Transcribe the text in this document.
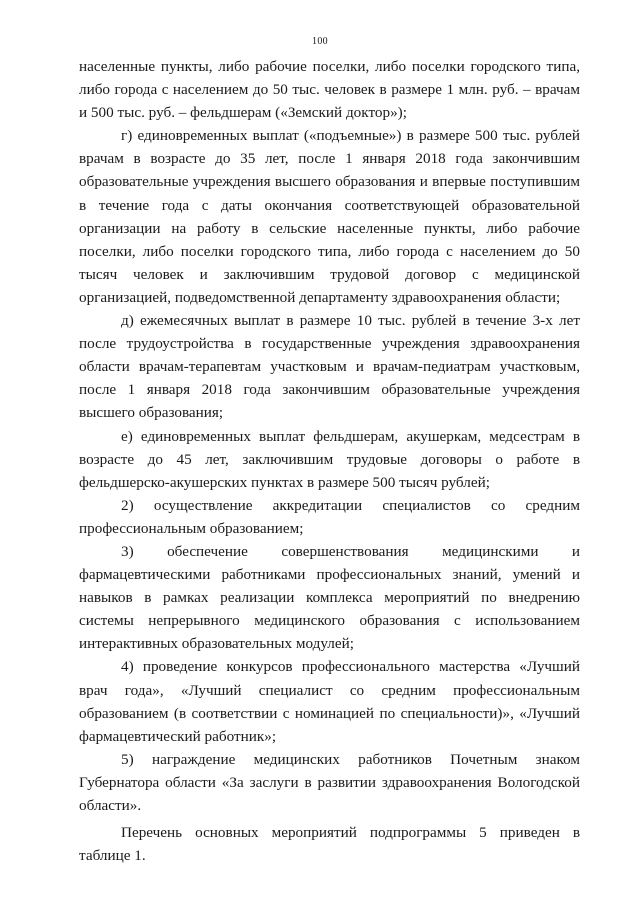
100

населенные пункты, либо рабочие поселки, либо поселки городского типа, либо города с населением до 50 тыс. человек в размере 1 млн. руб. – врачам и 500 тыс. руб. – фельдшерам («Земский доктор»);

г) единовременных выплат («подъемные») в размере 500 тыс. рублей врачам в возрасте до 35 лет, после 1 января 2018 года закончившим образовательные учреждения высшего образования и впервые поступившим в течение года с даты окончания соответствующей образовательной организации на работу в сельские населенные пункты, либо рабочие поселки, либо поселки городского типа, либо города с населением до 50 тысяч человек и заключившим трудовой договор с медицинской организацией, подведомственной департаменту здравоохранения области;

д) ежемесячных выплат в размере 10 тыс. рублей в течение 3-х лет после трудоустройства в государственные учреждения здравоохранения области врачам-терапевтам участковым и врачам-педиатрам участковым, после 1 января 2018 года закончившим образовательные учреждения высшего образования;

е) единовременных выплат фельдшерам, акушеркам, медсестрам в возрасте до 45 лет, заключившим трудовые договоры о работе в фельдшерско-акушерских пунктах в размере 500 тысяч рублей;

2) осуществление аккредитации специалистов со средним профессиональным образованием;

3) обеспечение совершенствования медицинскими и фармацевтическими работниками профессиональных знаний, умений и навыков в рамках реализации комплекса мероприятий по внедрению системы непрерывного медицинского образования с использованием интерактивных образовательных модулей;

4) проведение конкурсов профессионального мастерства «Лучший врач года», «Лучший специалист со средним профессиональным образованием (в соответствии с номинацией по специальности)», «Лучший фармацевтический работник»;

5) награждение медицинских работников Почетным знаком Губернатора области «За заслуги в развитии здравоохранения Вологодской области».

Перечень основных мероприятий подпрограммы 5 приведен в таблице 1.
